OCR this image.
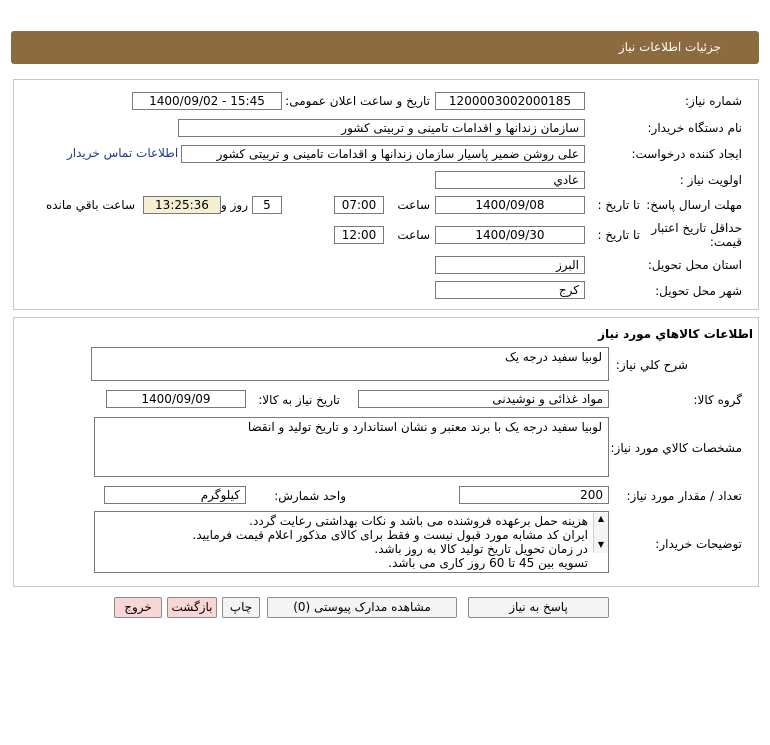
جزئیات اطلاعات نیاز
شماره نیاز:
1200003002000185
تاریخ و ساعت اعلان عمومی:
1400/09/02 - 15:45
نام دستگاه خریدار:
سازمان زندانها و اقدامات تامینی و تربیتی کشور
ایجاد کننده درخواست:
علی روشن ضمیر پاسیار سازمان زندانها و اقدامات تامینی و تربیتی کشور
اطلاعات تماس خریدار
اولویت نیاز :
عادي
مهلت ارسال پاسخ:
تا تاریخ :
1400/09/08
ساعت
07:00
5
روز و
13:25:36
ساعت باقي مانده
حداقل تاریخ اعتبار
قیمت:
تا تاریخ :
1400/09/30
ساعت
12:00
استان محل تحویل:
البرز
شهر محل تحویل:
کرج
اطلاعات کالاهاي مورد نياز
شرح کلي نياز:
لوبیا سفید درجه یک
گروه کالا:
مواد غذائی و نوشیدنی
تاریخ نیاز به کالا:
1400/09/09
مشخصات کالاي مورد نياز:
لوبیا سفید درجه یک با برند معتبر و نشان استاندارد و تاریخ تولید و انقضا
تعداد / مقدار مورد نیاز:
200
واحد شمارش:
کیلوگرم
توضیحات خریدار:
هزینه حمل برعهده فروشنده می باشد و نکات بهداشتی رعایت گردد.
ایران کد مشابه مورد قبول نیست و فقط برای کالای مذکور اعلام قیمت فرمایید.
در زمان تحویل تاریخ تولید کالا به روز باشد.
تسویه بین 45 تا 60 روز کاری می باشد.
▲
▼
پاسخ به نیاز
مشاهده مدارک پیوستی (0)
چاپ
بازگشت
خروج
